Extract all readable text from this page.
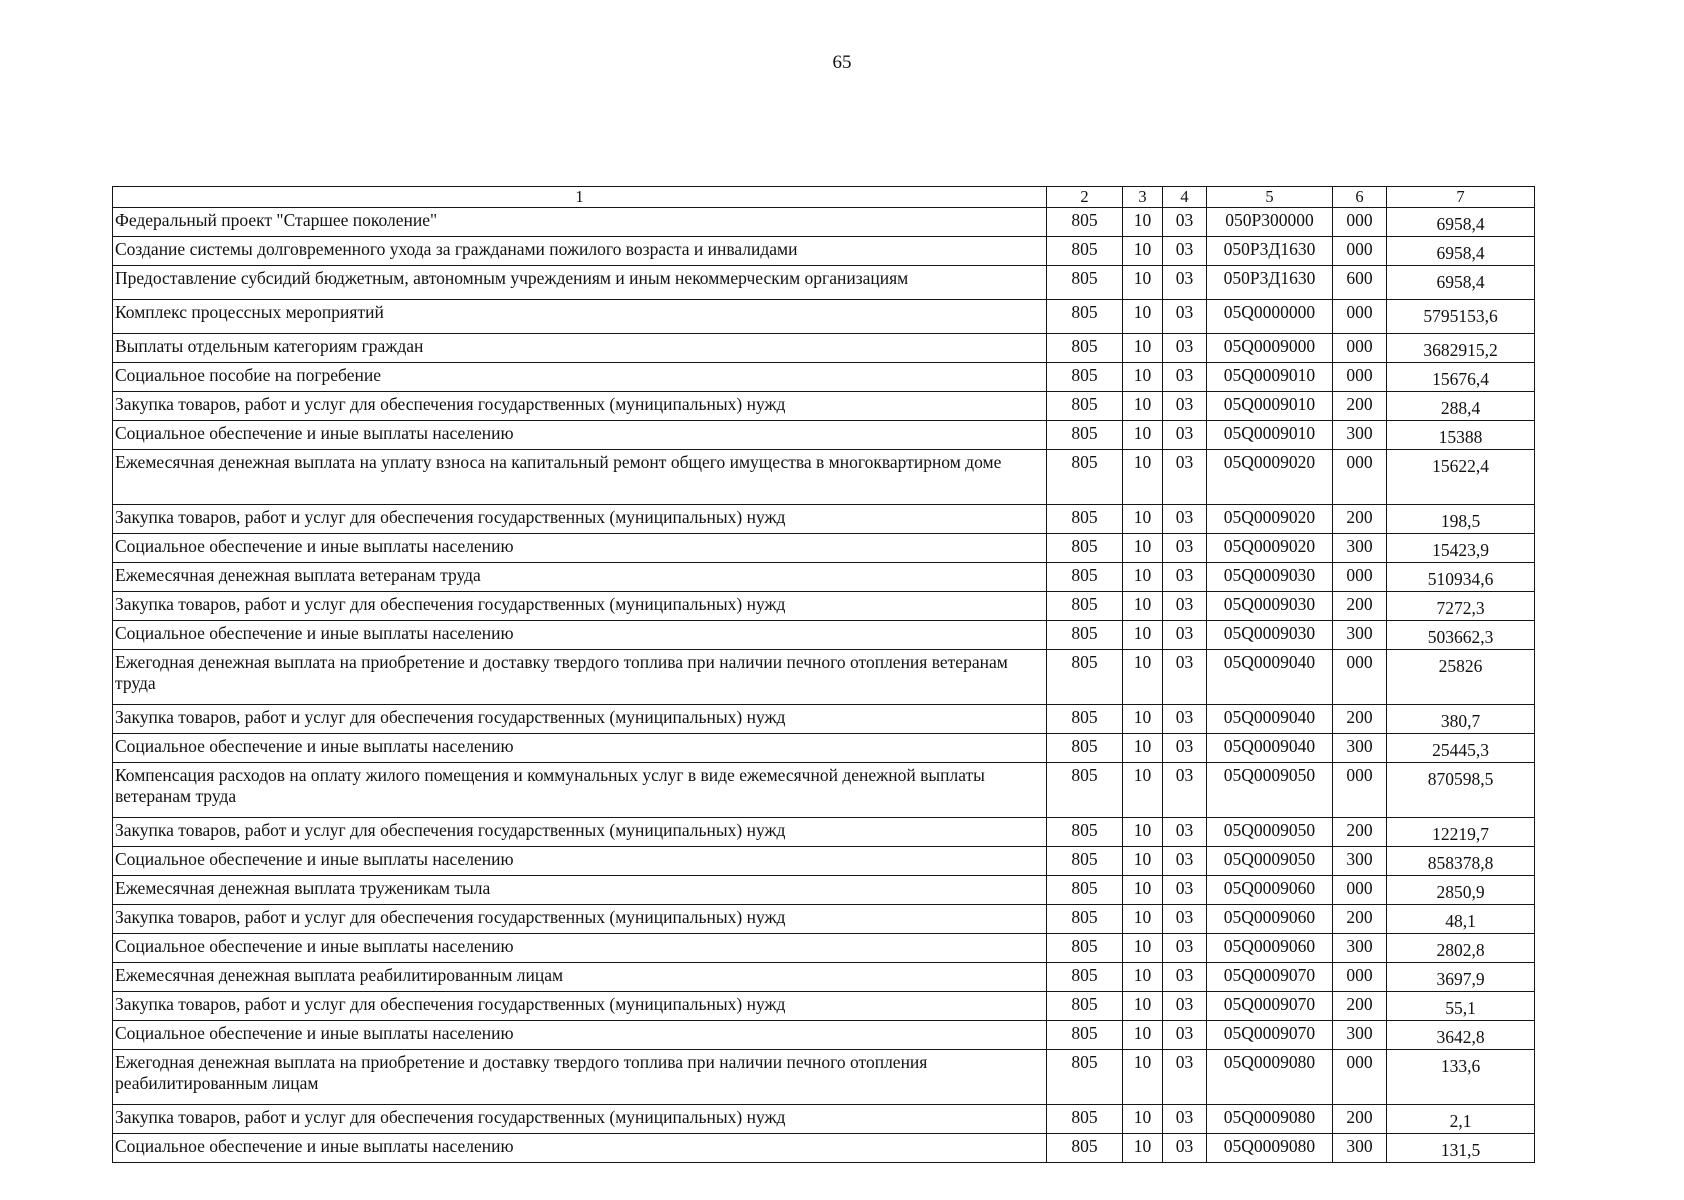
65
1	2	3	4	5	6	7
Федеральный проект "Старшее поколение"	805	10	03	050Р300000	000	6958,4
Создание системы долговременного ухода за гражданами пожилого возраста и инвалидами	805	10	03	050Р3Д1630	000	6958,4
Предоставление субсидий бюджетным, автономным учреждениям и иным некоммерческим организациям	805	10	03	050Р3Д1630	600	6958,4
Комплекс процессных мероприятий	805	10	03	05Q0000000	000	5795153,6
Выплаты отдельным категориям граждан	805	10	03	05Q0009000	000	3682915,2
Социальное пособие на погребение	805	10	03	05Q0009010	000	15676,4
Закупка товаров, работ и услуг для обеспечения государственных (муниципальных) нужд	805	10	03	05Q0009010	200	288,4
Социальное обеспечение и иные выплаты населению	805	10	03	05Q0009010	300	15388
Ежемесячная денежная выплата на уплату взноса на капитальный ремонт общего имущества в многоквартирном доме	805	10	03	05Q0009020	000	15622,4
Закупка товаров, работ и услуг для обеспечения государственных (муниципальных) нужд	805	10	03	05Q0009020	200	198,5
Социальное обеспечение и иные выплаты населению	805	10	03	05Q0009020	300	15423,9
Ежемесячная денежная выплата ветеранам труда	805	10	03	05Q0009030	000	510934,6
Закупка товаров, работ и услуг для обеспечения государственных (муниципальных) нужд	805	10	03	05Q0009030	200	7272,3
Социальное обеспечение и иные выплаты населению	805	10	03	05Q0009030	300	503662,3
Ежегодная денежная выплата на приобретение и доставку твердого топлива при наличии печного отопления ветеранам труда	805	10	03	05Q0009040	000	25826
Закупка товаров, работ и услуг для обеспечения государственных (муниципальных) нужд	805	10	03	05Q0009040	200	380,7
Социальное обеспечение и иные выплаты населению	805	10	03	05Q0009040	300	25445,3
Компенсация расходов на оплату жилого помещения и коммунальных услуг в виде ежемесячной денежной выплаты ветеранам труда	805	10	03	05Q0009050	000	870598,5
Закупка товаров, работ и услуг для обеспечения государственных (муниципальных) нужд	805	10	03	05Q0009050	200	12219,7
Социальное обеспечение и иные выплаты населению	805	10	03	05Q0009050	300	858378,8
Ежемесячная денежная выплата труженикам тыла	805	10	03	05Q0009060	000	2850,9
Закупка товаров, работ и услуг для обеспечения государственных (муниципальных) нужд	805	10	03	05Q0009060	200	48,1
Социальное обеспечение и иные выплаты населению	805	10	03	05Q0009060	300	2802,8
Ежемесячная денежная выплата реабилитированным лицам	805	10	03	05Q0009070	000	3697,9
Закупка товаров, работ и услуг для обеспечения государственных (муниципальных) нужд	805	10	03	05Q0009070	200	55,1
Социальное обеспечение и иные выплаты населению	805	10	03	05Q0009070	300	3642,8
Ежегодная денежная выплата на приобретение и доставку твердого топлива при наличии печного отопления реабилитированным лицам	805	10	03	05Q0009080	000	133,6
Закупка товаров, работ и услуг для обеспечения государственных (муниципальных) нужд	805	10	03	05Q0009080	200	2,1
Социальное обеспечение и иные выплаты населению	805	10	03	05Q0009080	300	131,5
